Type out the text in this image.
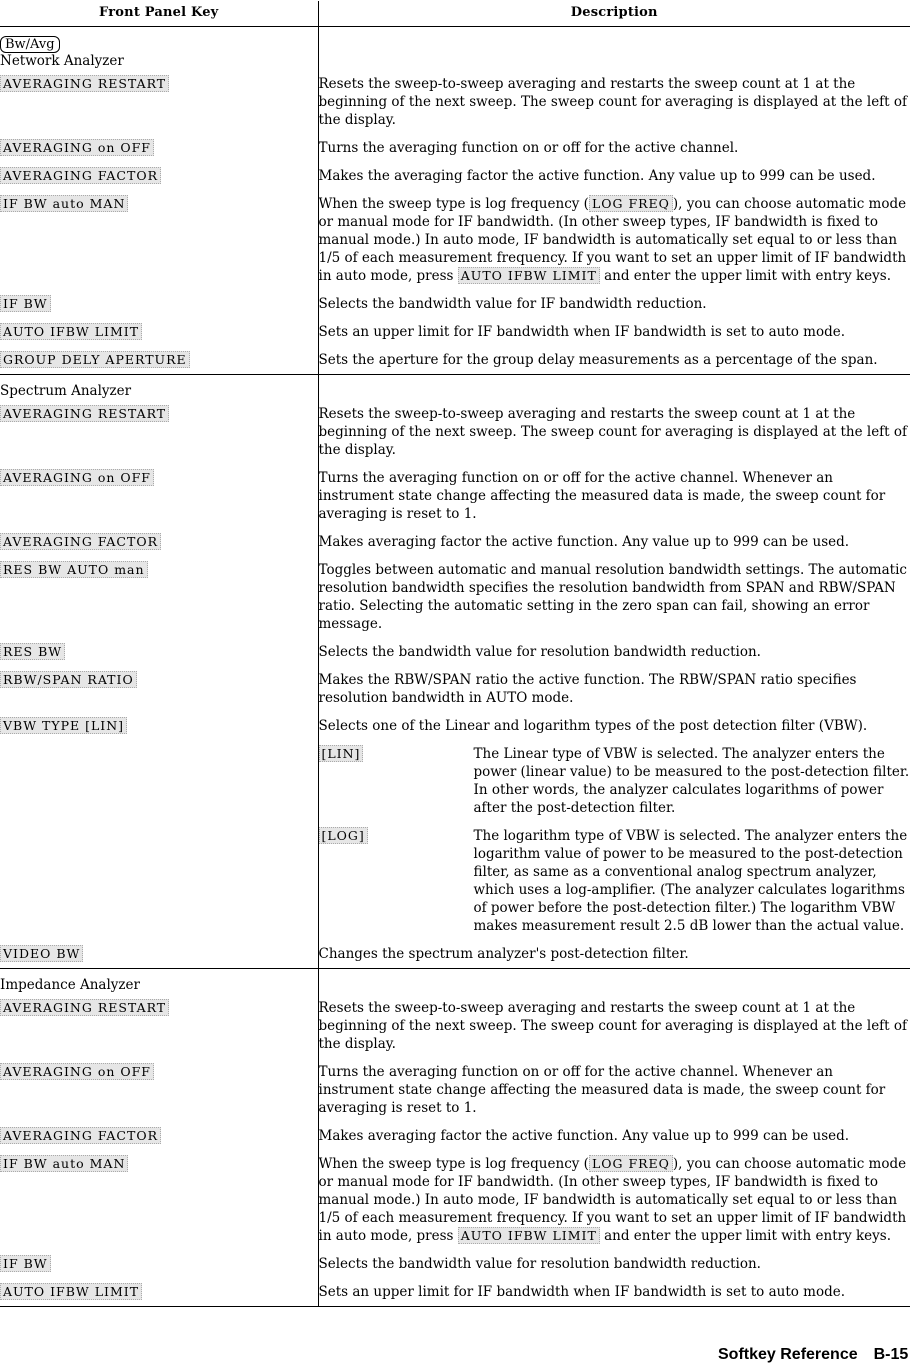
Front Panel Key	Description
Bw/Avg
Network Analyzer	

AVERAGING RESTART	Resets the sweep-to-sweep averaging and restarts the sweep count at 1 at the beginning of the next sweep. The sweep count for averaging is displayed at the left of the display.
AVERAGING on OFF	Turns the averaging function on or off for the active channel.
AVERAGING FACTOR	Makes the averaging factor the active function. Any value up to 999 can be used.
IF BW auto MAN	When the sweep type is log frequency ( LOG FREQ ), you can choose automatic mode or manual mode for IF bandwidth. (In other sweep types, IF bandwidth is fixed to manual mode.) In auto mode, IF bandwidth is automatically set equal to or less than 1/5 of each measurement frequency. If you want to set an upper limit of IF bandwidth in auto mode, press AUTO IFBW LIMIT and enter the upper limit with entry keys.
IF BW	Selects the bandwidth value for IF bandwidth reduction.
AUTO IFBW LIMIT	Sets an upper limit for IF bandwidth when IF bandwidth is set to auto mode.
GROUP DELY APERTURE	Sets the aperture for the group delay measurements as a percentage of the span.

Spectrum Analyzer	

AVERAGING RESTART	Resets the sweep-to-sweep averaging and restarts the sweep count at 1 at the beginning of the next sweep. The sweep count for averaging is displayed at the left of the display.
AVERAGING on OFF	Turns the averaging function on or off for the active channel. Whenever an instrument state change affecting the measured data is made, the sweep count for averaging is reset to 1.
AVERAGING FACTOR	Makes averaging factor the active function. Any value up to 999 can be used.
RES BW AUTO man	Toggles between automatic and manual resolution bandwidth settings. The automatic resolution bandwidth specifies the resolution bandwidth from SPAN and RBW/SPAN ratio. Selecting the automatic setting in the zero span can fail, showing an error message.
RES BW	Selects the bandwidth value for resolution bandwidth reduction.
RBW/SPAN RATIO	Makes the RBW/SPAN ratio the active function. The RBW/SPAN ratio specifies resolution bandwidth in AUTO mode.
VBW TYPE [LIN]	Selects one of the Linear and logarithm types of the post detection filter (VBW).
[LIN] The Linear type of VBW is selected. The analyzer enters the power (linear value) to be measured to the post-detection filter. In other words, the analyzer calculates logarithms of power after the post-detection filter.
[LOG] The logarithm type of VBW is selected. The analyzer enters the logarithm value of power to be measured to the post-detection filter, as same as a conventional analog spectrum analyzer, which uses a log-amplifier. (The analyzer calculates logarithms of power before the post-detection filter.) The logarithm VBW makes measurement result 2.5 dB lower than the actual value.

VIDEO BW	Changes the spectrum analyzer's post-detection filter.

Impedance Analyzer	

AVERAGING RESTART	Resets the sweep-to-sweep averaging and restarts the sweep count at 1 at the beginning of the next sweep. The sweep count for averaging is displayed at the left of the display.
AVERAGING on OFF	Turns the averaging function on or off for the active channel. Whenever an instrument state change affecting the measured data is made, the sweep count for averaging is reset to 1.
AVERAGING FACTOR	Makes averaging factor the active function. Any value up to 999 can be used.
IF BW auto MAN	When the sweep type is log frequency ( LOG FREQ ), you can choose automatic mode or manual mode for IF bandwidth. (In other sweep types, IF bandwidth is fixed to manual mode.) In auto mode, IF bandwidth is automatically set equal to or less than 1/5 of each measurement frequency. If you want to set an upper limit of IF bandwidth in auto mode, press AUTO IFBW LIMIT and enter the upper limit with entry keys.
IF BW	Selects the bandwidth value for resolution bandwidth reduction.
AUTO IFBW LIMIT	Sets an upper limit for IF bandwidth when IF bandwidth is set to auto mode.
Softkey Reference B-15
